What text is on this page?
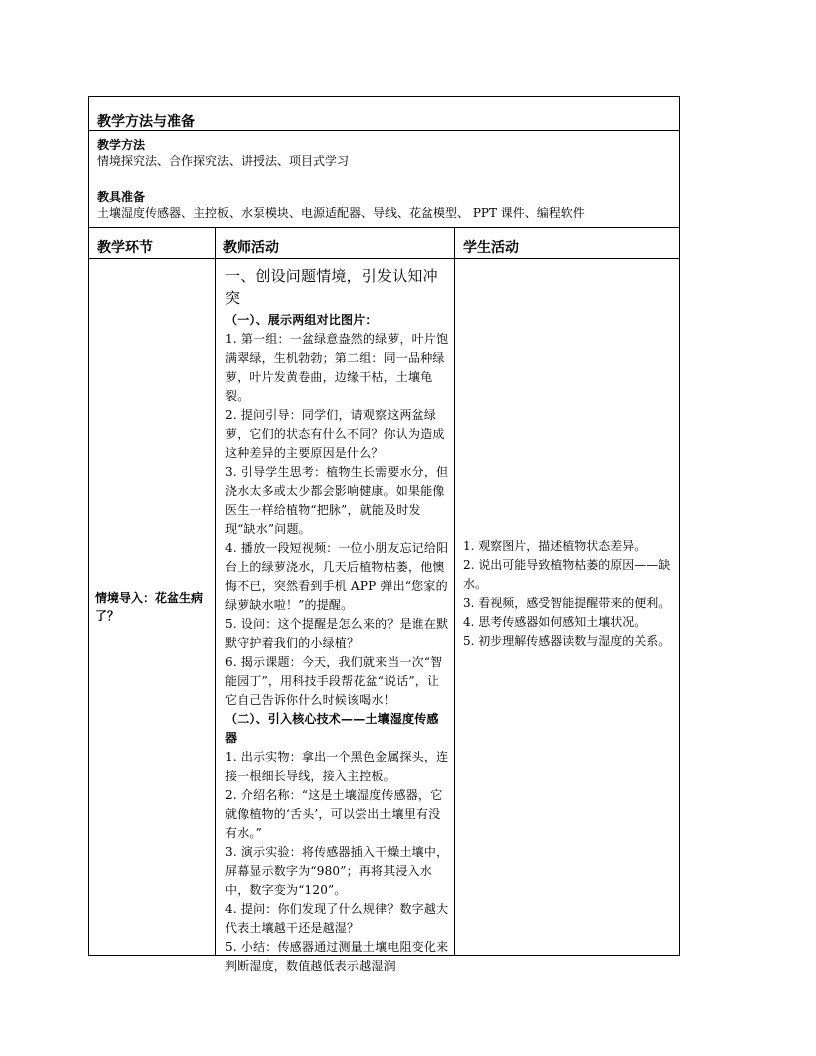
教学方法与准备

教学方法

情境探究法、合作探究法、讲授法、项目式学习

教具准备

土壤湿度传感器、主控板、水泵模块、电源适配器、导线、花盆模型、 PPT 课件、编程软件

教学环节	教师活动	学生活动
情境导入：花盆生病了？

一、创设问题情境，引发认知冲突

（一）、展示两组对比图片：

1. 第一组：一盆绿意盎然的绿萝，叶片饱满翠绿，生机勃勃；第二组：同一品种绿萝，叶片发黄卷曲，边缘干枯，土壤龟裂。

2. 提问引导：同学们，请观察这两盆绿萝，它们的状态有什么不同？你认为造成这种差异的主要原因是什么？

3. 引导学生思考：植物生长需要水分，但浇水太多或太少都会影响健康。如果能像医生一样给植物“把脉”，就能及时发现“缺水”问题。

4. 播放一段短视频：一位小朋友忘记给阳台上的绿萝浇水，几天后植物枯萎，他懊悔不已，突然看到手机 APP 弹出“您家的绿萝缺水啦！”的提醒。

5. 设问：这个提醒是怎么来的？是谁在默默守护着我们的小绿植？

6. 揭示课题：今天，我们就来当一次“智能园丁”，用科技手段帮花盆“说话”，让它自己告诉你什么时候该喝水！

（二）、引入核心技术——土壤湿度传感器

1. 出示实物：拿出一个黑色金属探头，连接一根细长导线，接入主控板。

2. 介绍名称：“这是土壤湿度传感器，它就像植物的‘舌头’，可以尝出土壤里有没有水。”

3. 演示实验：将传感器插入干燥土壤中，屏幕显示数字为“980”；再将其浸入水中，数字变为“120”。

4. 提问：你们发现了什么规律？数字越大代表土壤越干还是越湿？

5. 小结：传感器通过测量土壤电阻变化来判断湿度，数值越低表示越湿润

1. 观察图片，描述植物状态差异。

2. 说出可能导致植物枯萎的原因——缺水。

3. 看视频，感受智能提醒带来的便利。

4. 思考传感器如何感知土壤状况。

5. 初步理解传感器读数与湿度的关系。
